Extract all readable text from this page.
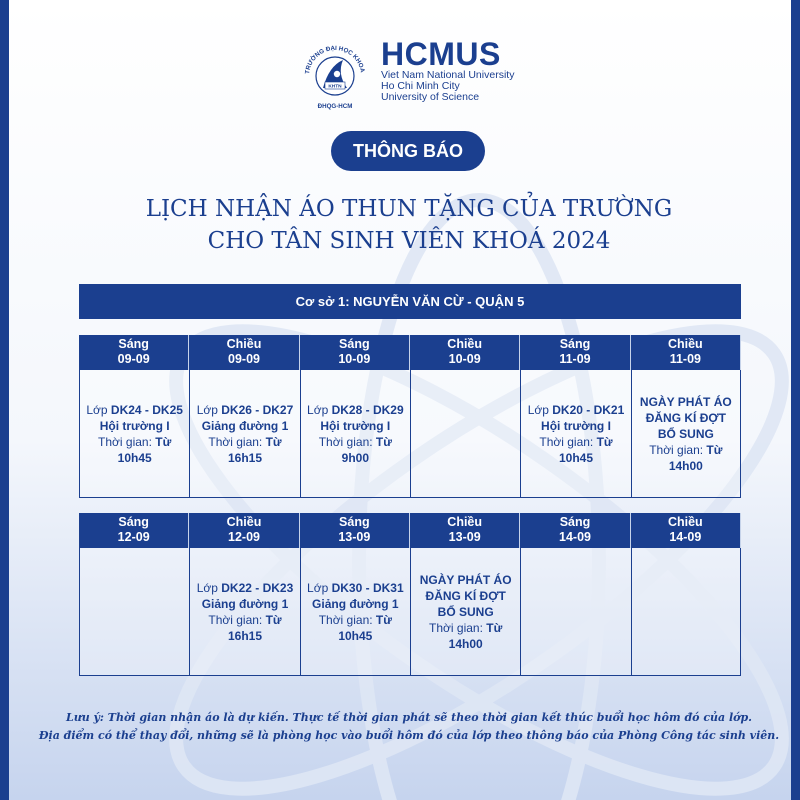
TRƯỜNG ĐẠI HỌC KHOA
KHTN
ĐHQG-HCM
HCMUS
Viet Nam National University
Ho Chi Minh City
University of Science
THÔNG BÁO
LỊCH NHẬN ÁO THUN TẶNG CỦA TRƯỜNG
CHO TÂN SINH VIÊN KHOÁ 2024
Cơ sở 1: NGUYỄN VĂN CỪ - QUẬN 5
Sáng
09-09
Chiều
09-09
Sáng
10-09
Chiều
10-09
Sáng
11-09
Chiều
11-09
Lớp DK24 - DK25
Hội trường I
Thời gian: Từ
10h45
Lớp DK26 - DK27
Giảng đường 1
Thời gian: Từ
16h15
Lớp DK28 - DK29
Hội trường I
Thời gian: Từ
9h00
Lớp DK20 - DK21
Hội trường I
Thời gian: Từ
10h45
NGÀY PHÁT ÁO
ĐĂNG KÍ ĐỢT
BỔ SUNG
Thời gian: Từ
14h00
Sáng
12-09
Chiều
12-09
Sáng
13-09
Chiều
13-09
Sáng
14-09
Chiều
14-09
Lớp DK22 - DK23
Giảng đường 1
Thời gian: Từ
16h15
Lớp DK30 - DK31
Giảng đường 1
Thời gian: Từ
10h45
NGÀY PHÁT ÁO
ĐĂNG KÍ ĐỢT
BỔ SUNG
Thời gian: Từ
14h00
Lưu ý: Thời gian nhận áo là dự kiến. Thực tế thời gian phát sẽ theo thời gian kết thúc buổi học hôm đó của lớp.
Địa điểm có thể thay đổi, những sẽ là phòng học vào buổi hôm đó của lớp theo thông báo của Phòng Công tác sinh viên.
